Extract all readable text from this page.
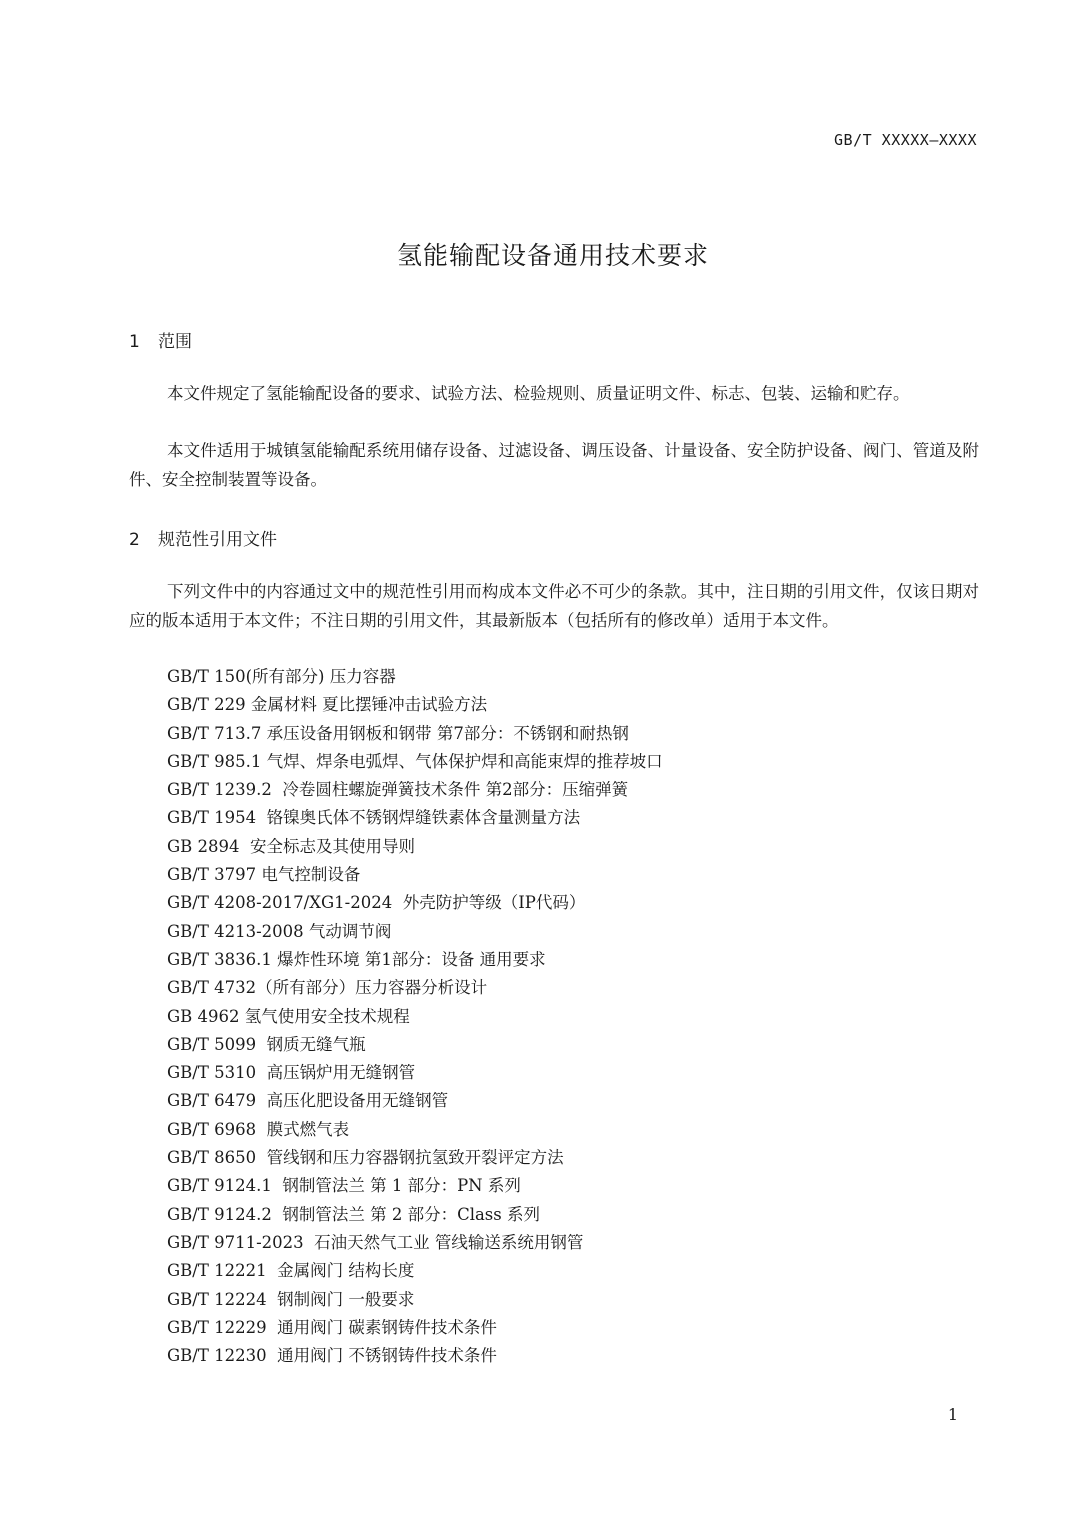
GB/T XXXXX—XXXX
氢能输配设备通用技术要求
1 范围

本文件规定了氢能输配设备的要求、试验方法、检验规则、质量证明文件、标志、包装、运输和贮存。

本文件适用于城镇氢能输配系统用储存设备、过滤设备、调压设备、计量设备、安全防护设备、阀门、管道及附件、安全控制装置等设备。

2 规范性引用文件

下列文件中的内容通过文中的规范性引用而构成本文件必不可少的条款。其中，注日期的引用文件，仅该日期对应的版本适用于本文件；不注日期的引用文件，其最新版本（包括所有的修改单）适用于本文件。

GB/T 150(所有部分) 压力容器
GB/T 229 金属材料 夏比摆锤冲击试验方法
GB/T 713.7 承压设备用钢板和钢带 第7部分：不锈钢和耐热钢
GB/T 985.1 气焊、焊条电弧焊、气体保护焊和高能束焊的推荐坡口
GB/T 1239.2  冷卷圆柱螺旋弹簧技术条件 第2部分：压缩弹簧
GB/T 1954  铬镍奥氏体不锈钢焊缝铁素体含量测量方法
GB 2894  安全标志及其使用导则
GB/T 3797 电气控制设备
GB/T 4208-2017/XG1-2024  外壳防护等级（IP代码）
GB/T 4213-2008 气动调节阀
GB/T 3836.1 爆炸性环境 第1部分：设备 通用要求
GB/T 4732（所有部分）压力容器分析设计
GB 4962 氢气使用安全技术规程
GB/T 5099  钢质无缝气瓶
GB/T 5310  高压锅炉用无缝钢管
GB/T 6479  高压化肥设备用无缝钢管
GB/T 6968  膜式燃气表
GB/T 8650  管线钢和压力容器钢抗氢致开裂评定方法
GB/T 9124.1  钢制管法兰 第 1 部分：PN 系列
GB/T 9124.2  钢制管法兰 第 2 部分：Class 系列
GB/T 9711-2023  石油天然气工业 管线输送系统用钢管
GB/T 12221  金属阀门 结构长度
GB/T 12224  钢制阀门 一般要求
GB/T 12229  通用阀门 碳素钢铸件技术条件
GB/T 12230  通用阀门 不锈钢铸件技术条件
1
